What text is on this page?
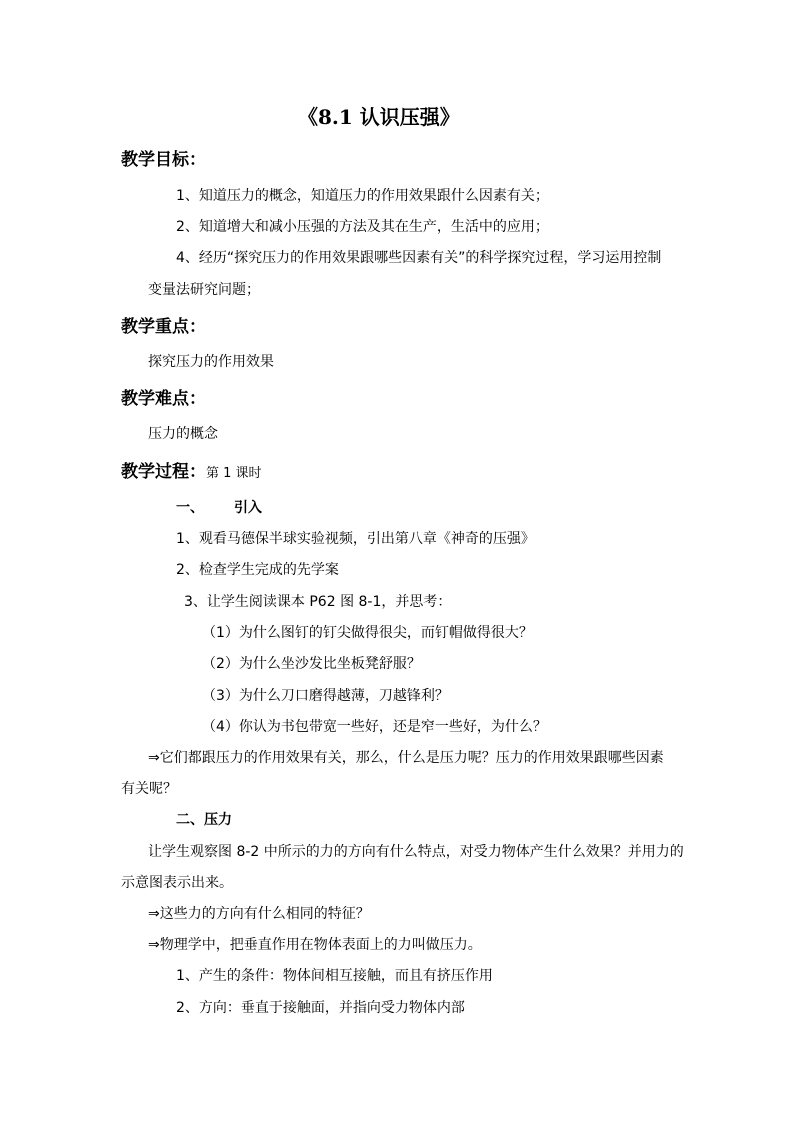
《8.1 认识压强》
教学目标：
1、知道压力的概念，知道压力的作用效果跟什么因素有关；
2、知道增大和减小压强的方法及其在生产，生活中的应用；
4、经历“探究压力的作用效果跟哪些因素有关”的科学探究过程，学习运用控制
变量法研究问题；
教学重点：
探究压力的作用效果
教学难点：
压力的概念
教学过程：第 1 课时
一、 引入
1、观看马德保半球实验视频，引出第八章《神奇的压强》
2、检查学生完成的先学案
3、让学生阅读课本 P62 图 8-1，并思考：
（1）为什么图钉的钉尖做得很尖，而钉帽做得很大？
（2）为什么坐沙发比坐板凳舒服？
（3）为什么刀口磨得越薄，刀越锋利？
（4）你认为书包带宽一些好，还是窄一些好，为什么？
⇒它们都跟压力的作用效果有关，那么，什么是压力呢？压力的作用效果跟哪些因素
有关呢？
二、压力
让学生观察图 8-2 中所示的力的方向有什么特点，对受力物体产生什么效果？并用力的
示意图表示出来。
⇒这些力的方向有什么相同的特征？
⇒物理学中，把垂直作用在物体表面上的力叫做压力。
1、产生的条件：物体间相互接触，而且有挤压作用
2、方向：垂直于接触面，并指向受力物体内部
